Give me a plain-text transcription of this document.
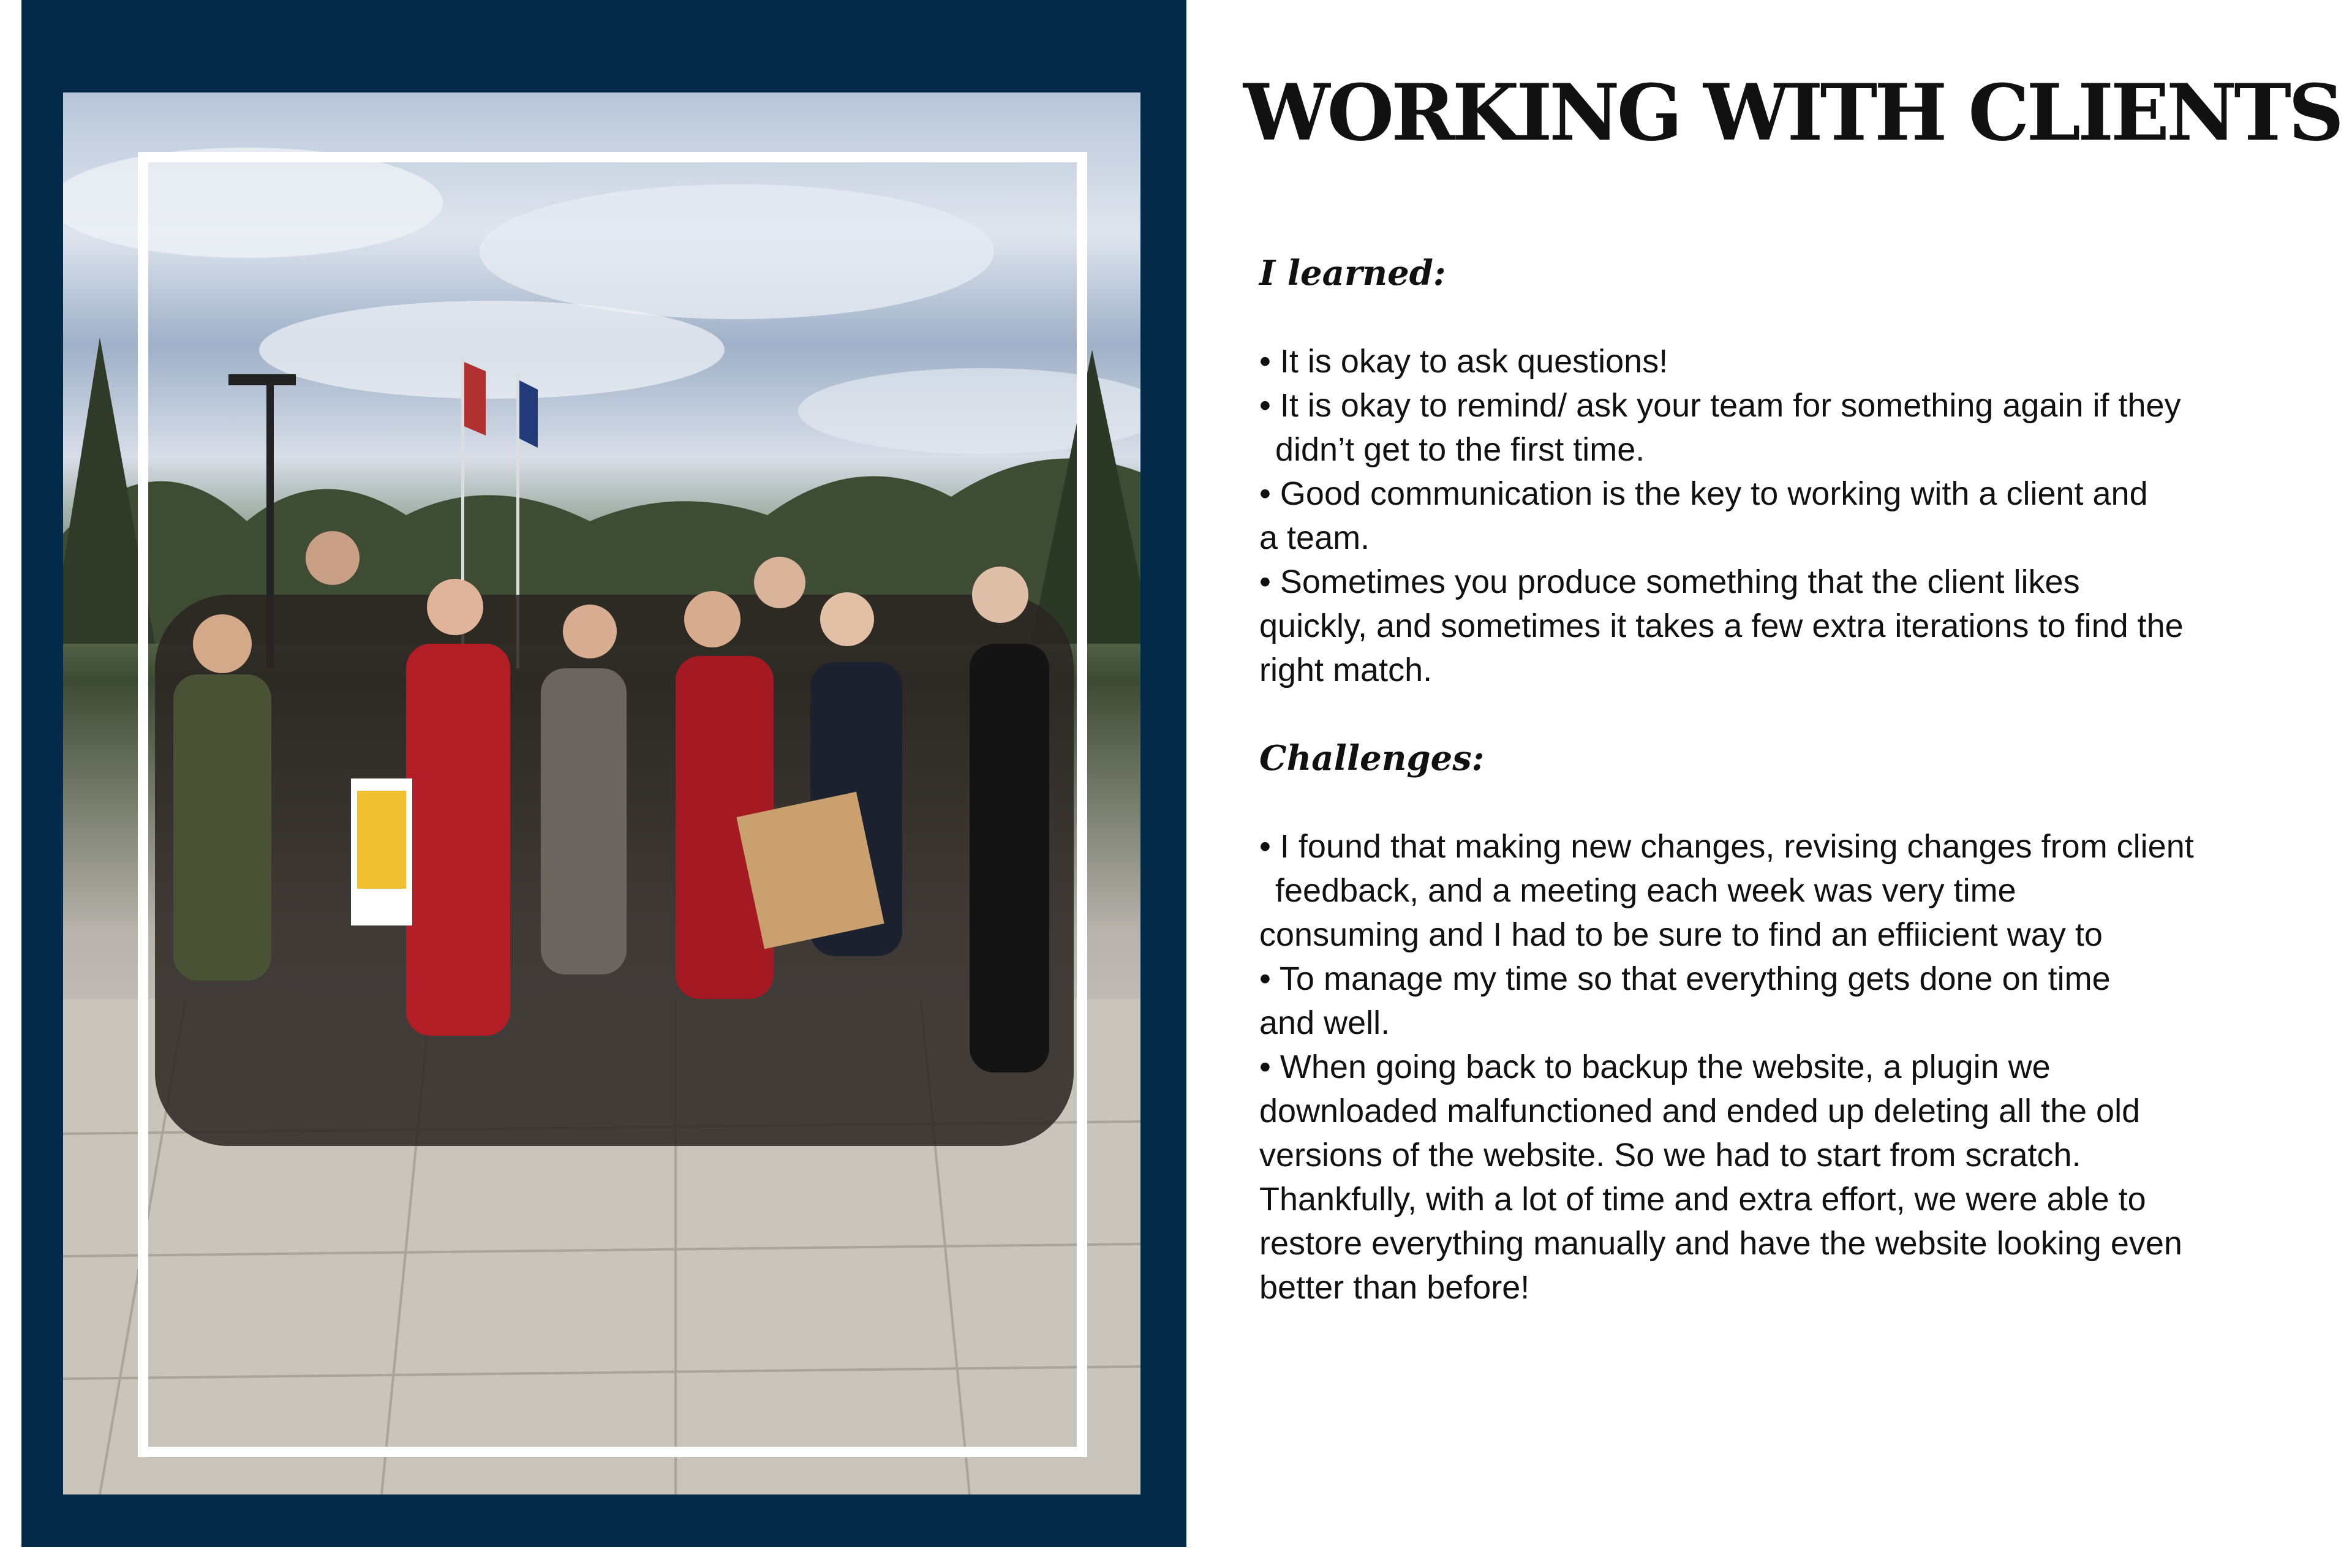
WORKING WITH CLIENTS

I learned:

• It is okay to ask questions!

• It is okay to remind/ ask your team for something again if they

didn’t get to the first time.

• Good communication is the key to working with a client and

a team.

• Sometimes you produce something that the client likes

quickly, and sometimes it takes a few extra iterations to find the

right match.

Challenges:

• I found that making new changes, revising changes from client

feedback, and a meeting each week was very time

consuming and I had to be sure to find an effiicient way to

• To manage my time so that everything gets done on time

and well.

• When going back to backup the website, a plugin we

downloaded malfunctioned and ended up deleting all the old

versions of the website. So we had to start from scratch.

Thankfully, with a lot of time and extra effort, we were able to

restore everything manually and have the website looking even

better than before!
